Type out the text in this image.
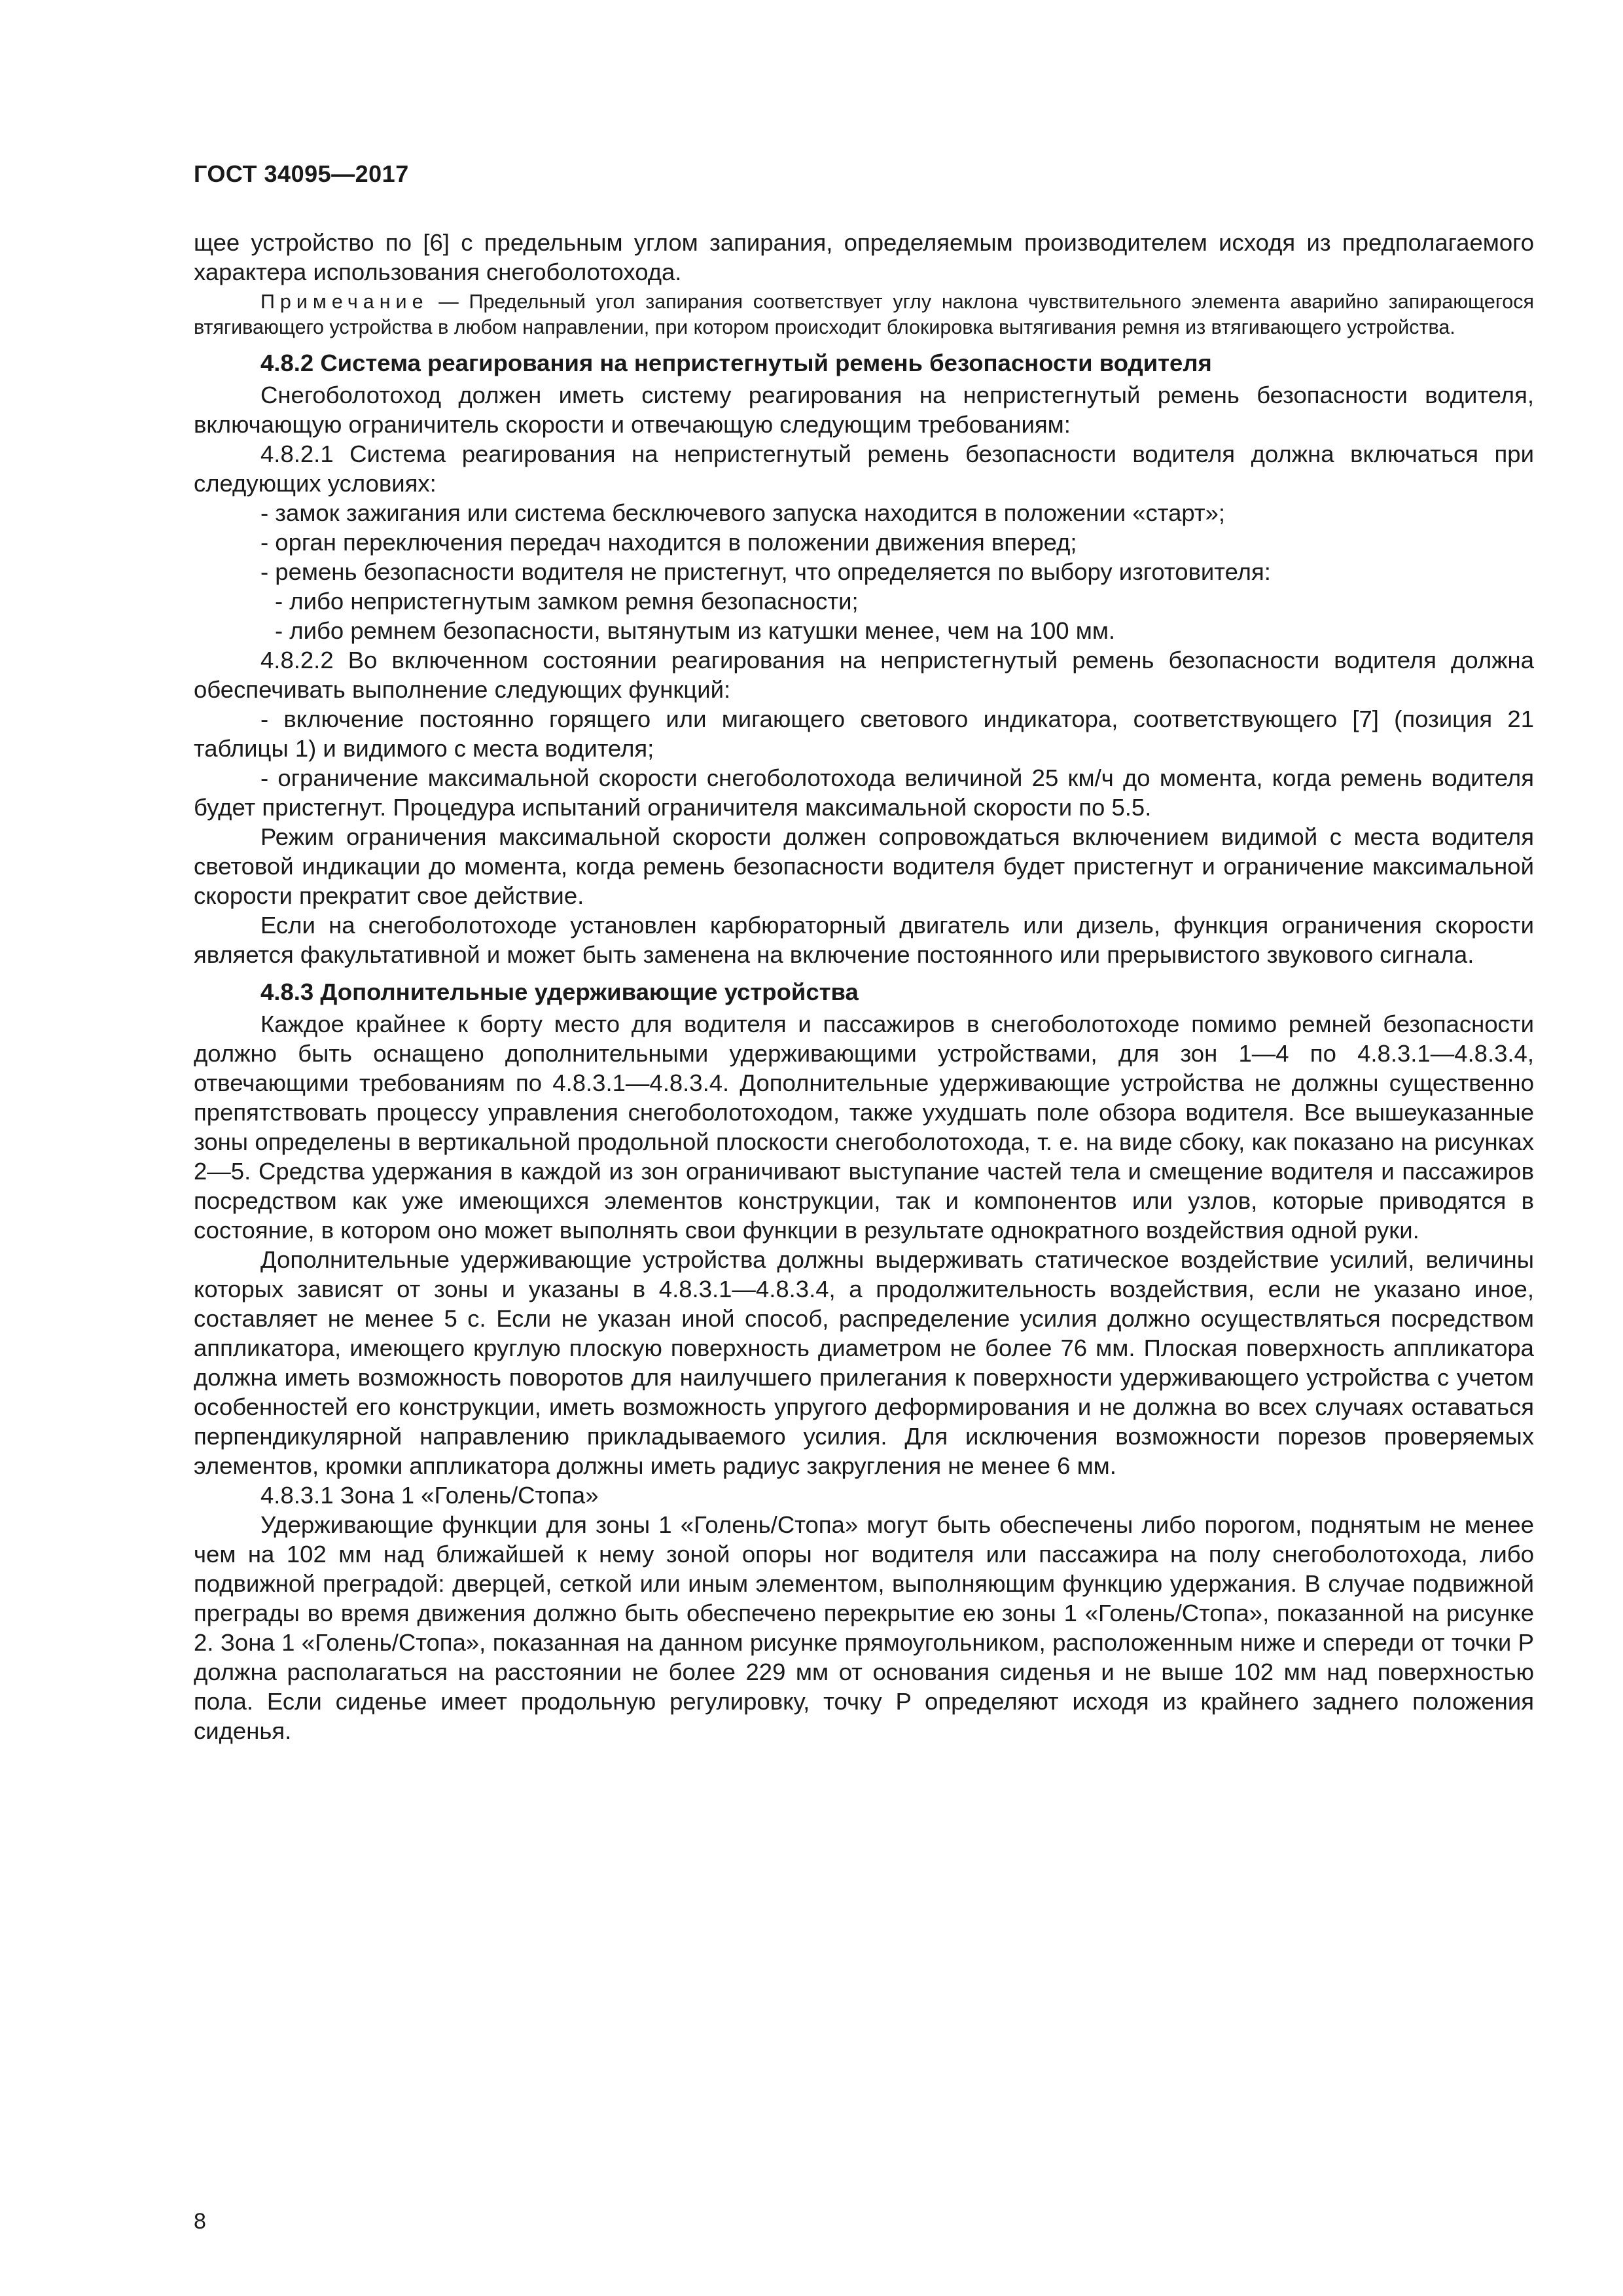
ГОСТ 34095—2017

щее устройство по [6] с предельным углом запирания, определяемым производителем исходя из предполагаемого характера использования снегоболотохода.

Примечание — Предельный угол запирания соответствует углу наклона чувствительного элемента аварийно запирающегося втягивающего устройства в любом направлении, при котором происходит блокировка вытягивания ремня из втягивающего устройства.

4.8.2 Система реагирования на непристегнутый ремень безопасности водителя

Снегоболотоход должен иметь систему реагирования на непристегнутый ремень безопасности водителя, включающую ограничитель скорости и отвечающую следующим требованиям:

4.8.2.1 Система реагирования на непристегнутый ремень безопасности водителя должна включаться при следующих условиях:

- замок зажигания или система бесключевого запуска находится в положении «старт»;

- орган переключения передач находится в положении движения вперед;

- ремень безопасности водителя не пристегнут, что определяется по выбору изготовителя:

- либо непристегнутым замком ремня безопасности;

- либо ремнем безопасности, вытянутым из катушки менее, чем на 100 мм.

4.8.2.2 Во включенном состоянии реагирования на непристегнутый ремень безопасности водителя должна обеспечивать выполнение следующих функций:

- включение постоянно горящего или мигающего светового индикатора, соответствующего [7] (позиция 21 таблицы 1) и видимого с места водителя;

- ограничение максимальной скорости снегоболотохода величиной 25 км/ч до момента, когда ремень водителя будет пристегнут. Процедура испытаний ограничителя максимальной скорости по 5.5.

Режим ограничения максимальной скорости должен сопровождаться включением видимой с места водителя световой индикации до момента, когда ремень безопасности водителя будет пристегнут и ограничение максимальной скорости прекратит свое действие.

Если на снегоболотоходе установлен карбюраторный двигатель или дизель, функция ограничения скорости является факультативной и может быть заменена на включение постоянного или прерывистого звукового сигнала.

4.8.3 Дополнительные удерживающие устройства

Каждое крайнее к борту место для водителя и пассажиров в снегоболотоходе помимо ремней безопасности должно быть оснащено дополнительными удерживающими устройствами, для зон 1—4 по 4.8.3.1—4.8.3.4, отвечающими требованиям по 4.8.3.1—4.8.3.4. Дополнительные удерживающие устройства не должны существенно препятствовать процессу управления снегоболотоходом, также ухудшать поле обзора водителя. Все вышеуказанные зоны определены в вертикальной продольной плоскости снегоболотохода, т. е. на виде сбоку, как показано на рисунках 2—5. Средства удержания в каждой из зон ограничивают выступание частей тела и смещение водителя и пассажиров посредством как уже имеющихся элементов конструкции, так и компонентов или узлов, которые приводятся в состояние, в котором оно может выполнять свои функции в результате однократного воздействия одной руки.

Дополнительные удерживающие устройства должны выдерживать статическое воздействие усилий, величины которых зависят от зоны и указаны в 4.8.3.1—4.8.3.4, а продолжительность воздействия, если не указано иное, составляет не менее 5 с. Если не указан иной способ, распределение усилия должно осуществляться посредством аппликатора, имеющего круглую плоскую поверхность диаметром не более 76 мм. Плоская поверхность аппликатора должна иметь возможность поворотов для наилучшего прилегания к поверхности удерживающего устройства с учетом особенностей его конструкции, иметь возможность упругого деформирования и не должна во всех случаях оставаться перпендикулярной направлению прикладываемого усилия. Для исключения возможности порезов проверяемых элементов, кромки аппликатора должны иметь радиус закругления не менее 6 мм.

4.8.3.1 Зона 1 «Голень/Стопа»

Удерживающие функции для зоны 1 «Голень/Стопа» могут быть обеспечены либо порогом, поднятым не менее чем на 102 мм над ближайшей к нему зоной опоры ног водителя или пассажира на полу снегоболотохода, либо подвижной преградой: дверцей, сеткой или иным элементом, выполняющим функцию удержания. В случае подвижной преграды во время движения должно быть обеспечено перекрытие ею зоны 1 «Голень/Стопа», показанной на рисунке 2. Зона 1 «Голень/Стопа», показанная на данном рисунке прямоугольником, расположенным ниже и спереди от точки P должна располагаться на расстоянии не более 229 мм от основания сиденья и не выше 102 мм над поверхностью пола. Если сиденье имеет продольную регулировку, точку P определяют исходя из крайнего заднего положения сиденья.

8
